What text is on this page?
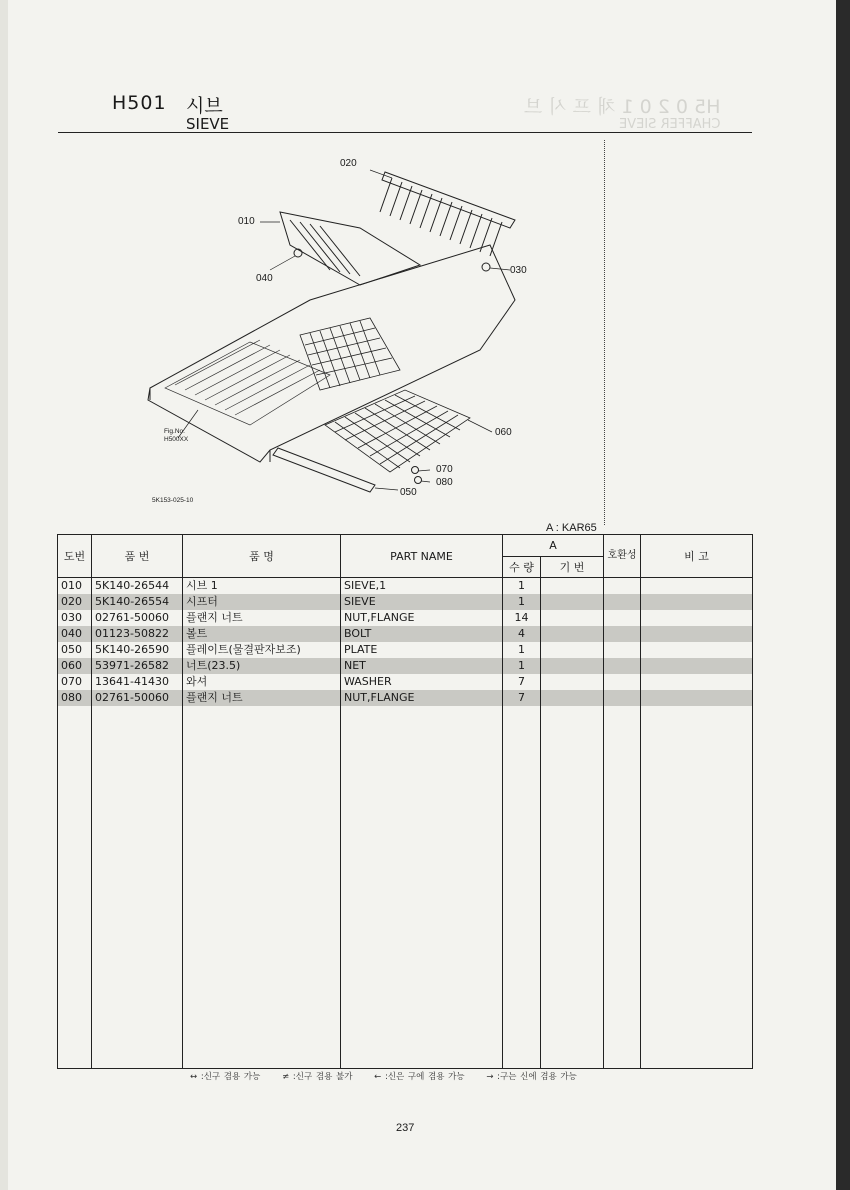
H5 0 2 0 1 채 프 시 브
CHAFFER SIEVE
H501 시브
SIEVE
020
010
040
030
060
070
080
050
Fig.No.
H500XX
5K153-025-10
A : KAR65
도번	품 번	품 명	PART NAME	A		호환성	비 고
				수 량	기 번		
010	5K140-26544	시브 1	SIEVE,1	1			
020	5K140-26554	시프터	SIEVE	1			
030	02761-50060	플랜지 너트	NUT,FLANGE	14			
040	01123-50822	볼트	BOLT	4			
050	5K140-26590	플레이트(물결판자보조)	PLATE	1			
060	53971-26582	너트(23.5)	NET	1			
070	13641-41430	와셔	WASHER	7			
080	02761-50060	플랜지 너트	NUT,FLANGE	7			

↔ :신구 겸용 가능	≠ :신구 겸용 불가	← :신은 구에 겸용 가능	→ :구는 신에 겸용 가능
237
